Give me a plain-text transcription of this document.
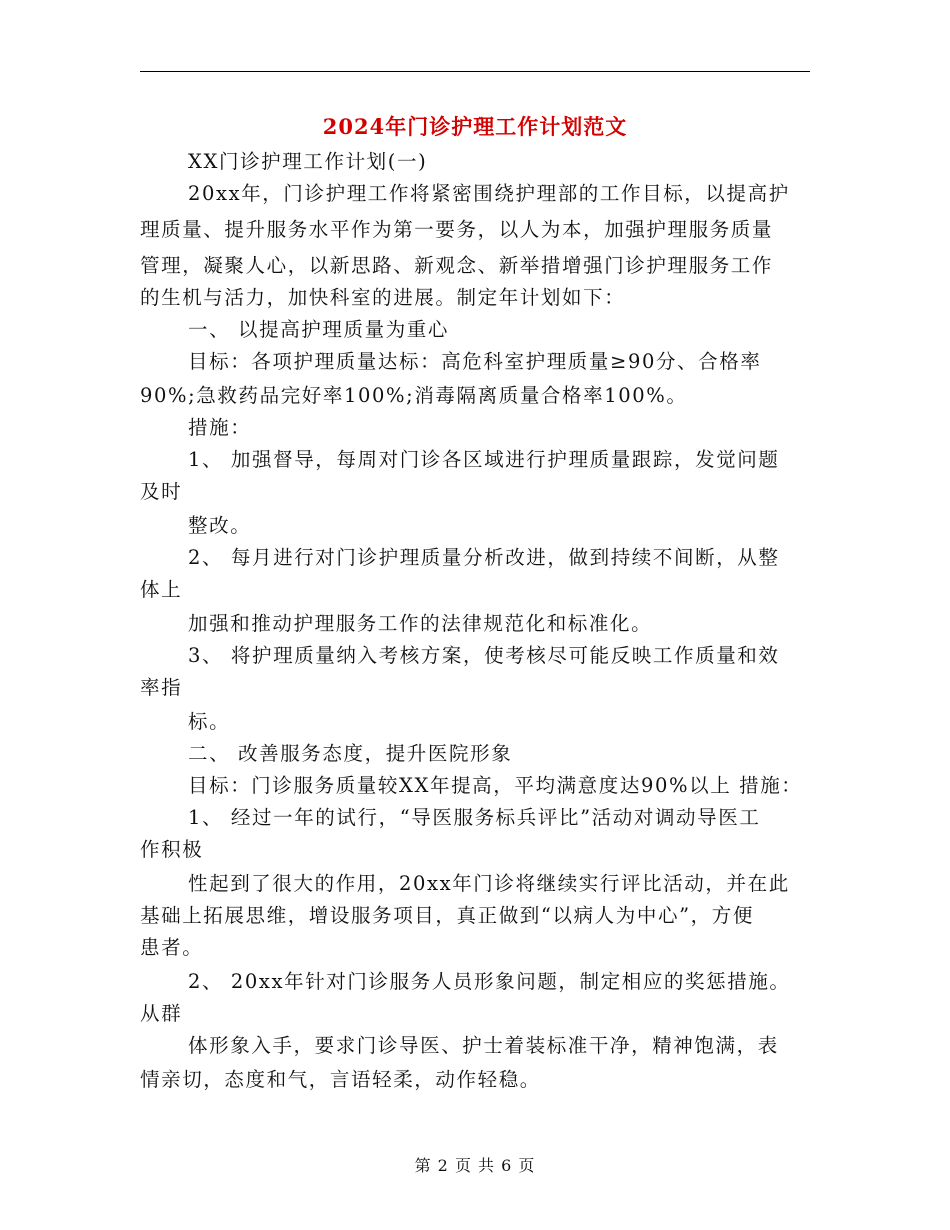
2024年门诊护理工作计划范文
XX门诊护理工作计划(一)
20xx年，门诊护理工作将紧密围绕护理部的工作目标，以提高护
理质量、提升服务水平作为第一要务，以人为本，加强护理服务质量
管理，凝聚人心，以新思路、新观念、新举措增强门诊护理服务工作
的生机与活力，加快科室的进展。制定年计划如下：
一、 以提高护理质量为重心
目标：各项护理质量达标：高危科室护理质量≥90分、合格率
90%;急救药品完好率100%;消毒隔离质量合格率100%。
措施：
1、 加强督导，每周对门诊各区域进行护理质量跟踪，发觉问题
及时
整改。
2、 每月进行对门诊护理质量分析改进，做到持续不间断，从整
体上
加强和推动护理服务工作的法律规范化和标准化。
3、 将护理质量纳入考核方案，使考核尽可能反映工作质量和效
率指
标。
二、 改善服务态度，提升医院形象
目标：门诊服务质量较XX年提高，平均满意度达90%以上 措施：
1、 经过一年的试行，“导医服务标兵评比”活动对调动导医工
作积极
性起到了很大的作用，20xx年门诊将继续实行评比活动，并在此
基础上拓展思维，增设服务项目，真正做到“以病人为中心”，方便
患者。
2、 20xx年针对门诊服务人员形象问题，制定相应的奖惩措施。
从群
体形象入手，要求门诊导医、护士着装标准干净，精神饱满，表
情亲切，态度和气，言语轻柔，动作轻稳。
第 2 页 共 6 页
